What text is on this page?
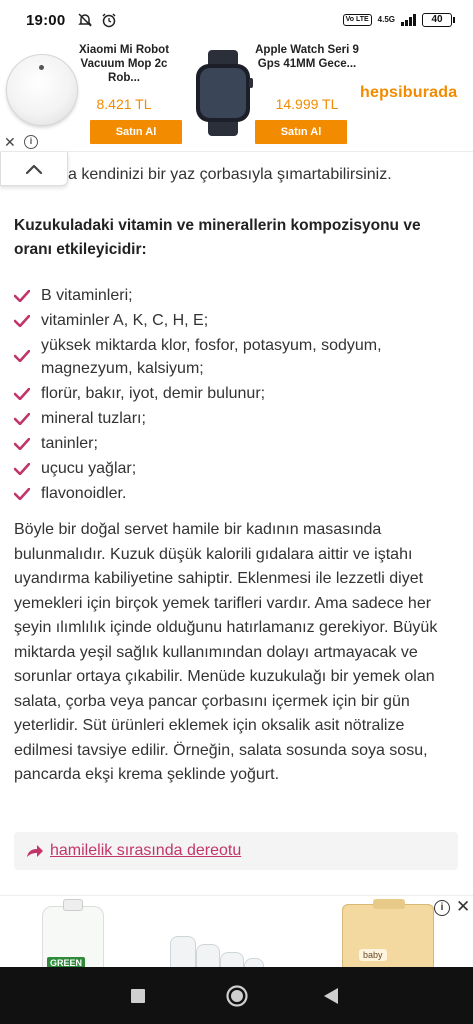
19:00	Vo LTE	4.5G	40
Xiaomi Mi Robot Vacuum Mop 2c Rob...
8.421 TL
Satın Al
Apple Watch Seri 9 Gps 41MM Gece...
14.999 TL
Satın Al
hepsiburada
✕	i
a kendinizi bir yaz çorbasıyla şımartabilirsiniz.
Kuzukuladaki vitamin ve minerallerin kompozisyonu ve oranı etkileyicidir:
B vitaminleri;
vitaminler A, K, C, H, E;
yüksek miktarda klor, fosfor, potasyum, sodyum, magnezyum, kalsiyum;
florür, bakır, iyot, demir bulunur;
mineral tuzları;
taninler;
uçucu yağlar;
flavonoidler.

Böyle bir doğal servet hamile bir kadının masasında bulunmalıdır. Kuzuk düşük kalorili gıdalara aittir ve iştahı uyandırma kabiliyetine sahiptir. Eklenmesi ile lezzetli diyet yemekleri için birçok yemek tarifleri vardır. Ama sadece her şeyin ılımlılık içinde olduğunu hatırlamanız gerekiyor. Büyük miktarda yeşil sağlık kullanımından dolayı artmayacak ve sorunlar ortaya çıkabilir. Menüde kuzukulağı bir yemek olan salata, çorba veya pancar çorbasını içermek için bir gün yeterlidir. Süt ürünleri eklemek için oksalik asit nötralize edilmesi tavsiye edilir. Örneğin, salata sosunda soya sosu, pancarda ekşi krema şeklinde yoğurt.

hamilelik sırasında dereotu
GREEN
baby
i ✕
